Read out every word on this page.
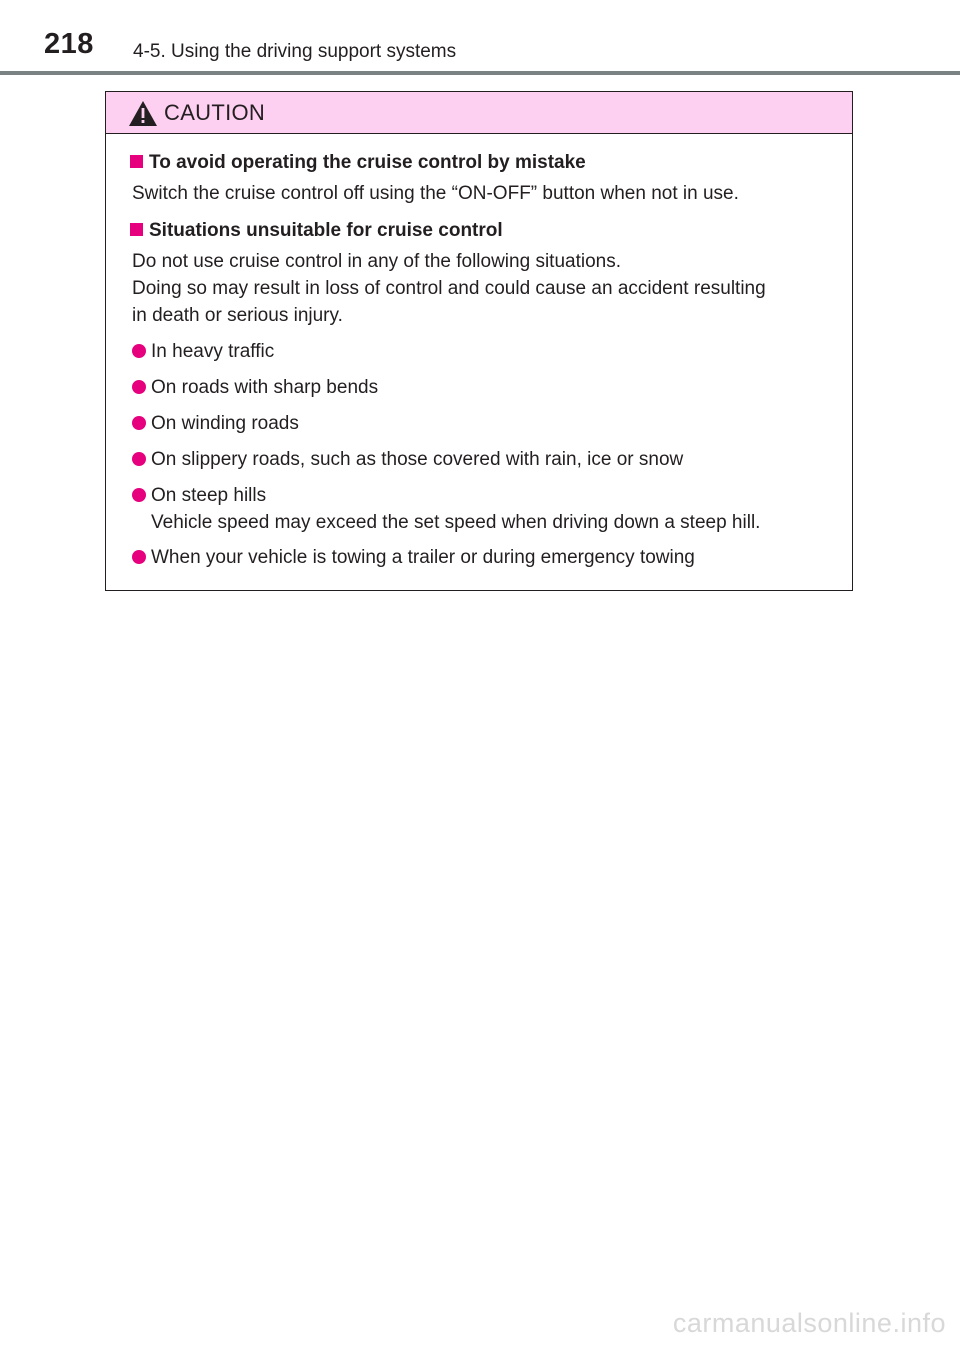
218 4-5. Using the driving support systems
CAUTION
To avoid operating the cruise control by mistake
Switch the cruise control off using the “ON-OFF” button when not in use.
Situations unsuitable for cruise control
Do not use cruise control in any of the following situations.
Doing so may result in loss of control and could cause an accident resulting
in death or serious injury.
In heavy traffic
On roads with sharp bends
On winding roads
On slippery roads, such as those covered with rain, ice or snow
On steep hills
Vehicle speed may exceed the set speed when driving down a steep hill.
When your vehicle is towing a trailer or during emergency towing
carmanualsonline.info
